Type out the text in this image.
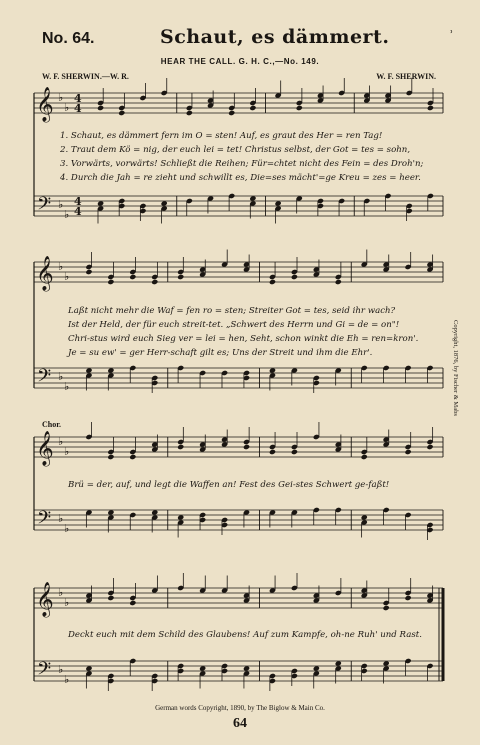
No. 64.	Schaut, es dämmert.	˒
HEAR THE CALL. G. H. C.,—No. 149.
W. F. SHERWIN.—W. R.	W. F. SHERWIN.
𝄞
𝄢
♭
♭
♭
♭
4
4
4
4
𝄞
𝄢
♭
♭
♭
♭
𝄞
𝄢
♭
♭
♭
♭
𝄞
𝄢
♭
♭
♭
♭
1. Schaut, es dämmert fern im O = sten! Auf, es graut des Her = ren Tag!
2. Traut dem Kö = nig, der euch lei = tet! Christus selbst, der Got = tes = sohn,
3. Vorwärts, vorwärts! Schließt die Reihen; Für=chtet nicht des Fein = des Droh'n;
4. Durch die Jah = re zieht und schwillt es, Die=ses mächt'=ge Kreu = zes = heer.
Laßt nicht mehr die Waf = fen ro = sten; Streiter Got = tes, seid ihr wach?
Ist der Held, der für euch streit-tet. „Schwert des Herrn und Gi = de = on"!
Chri-stus wird euch Sieg ver = lei = hen, Seht, schon winkt die Eh = ren=kron'.
Je = su ew' = ger Herr-schaft gilt es; Uns der Streit und ihm die Ehr'.
Chor.
Brü = der, auf, und legt die Waffen an! Fest des Gei-stes Schwert ge-faßt!
Deckt euch mit dem Schild des Glaubens! Auf zum Kampfe, oh-ne Ruh' und Rast.
Copyright, 1876, by Fischer & Mabs
German words Copyright, 1890, by The Biglow & Main Co.
64
